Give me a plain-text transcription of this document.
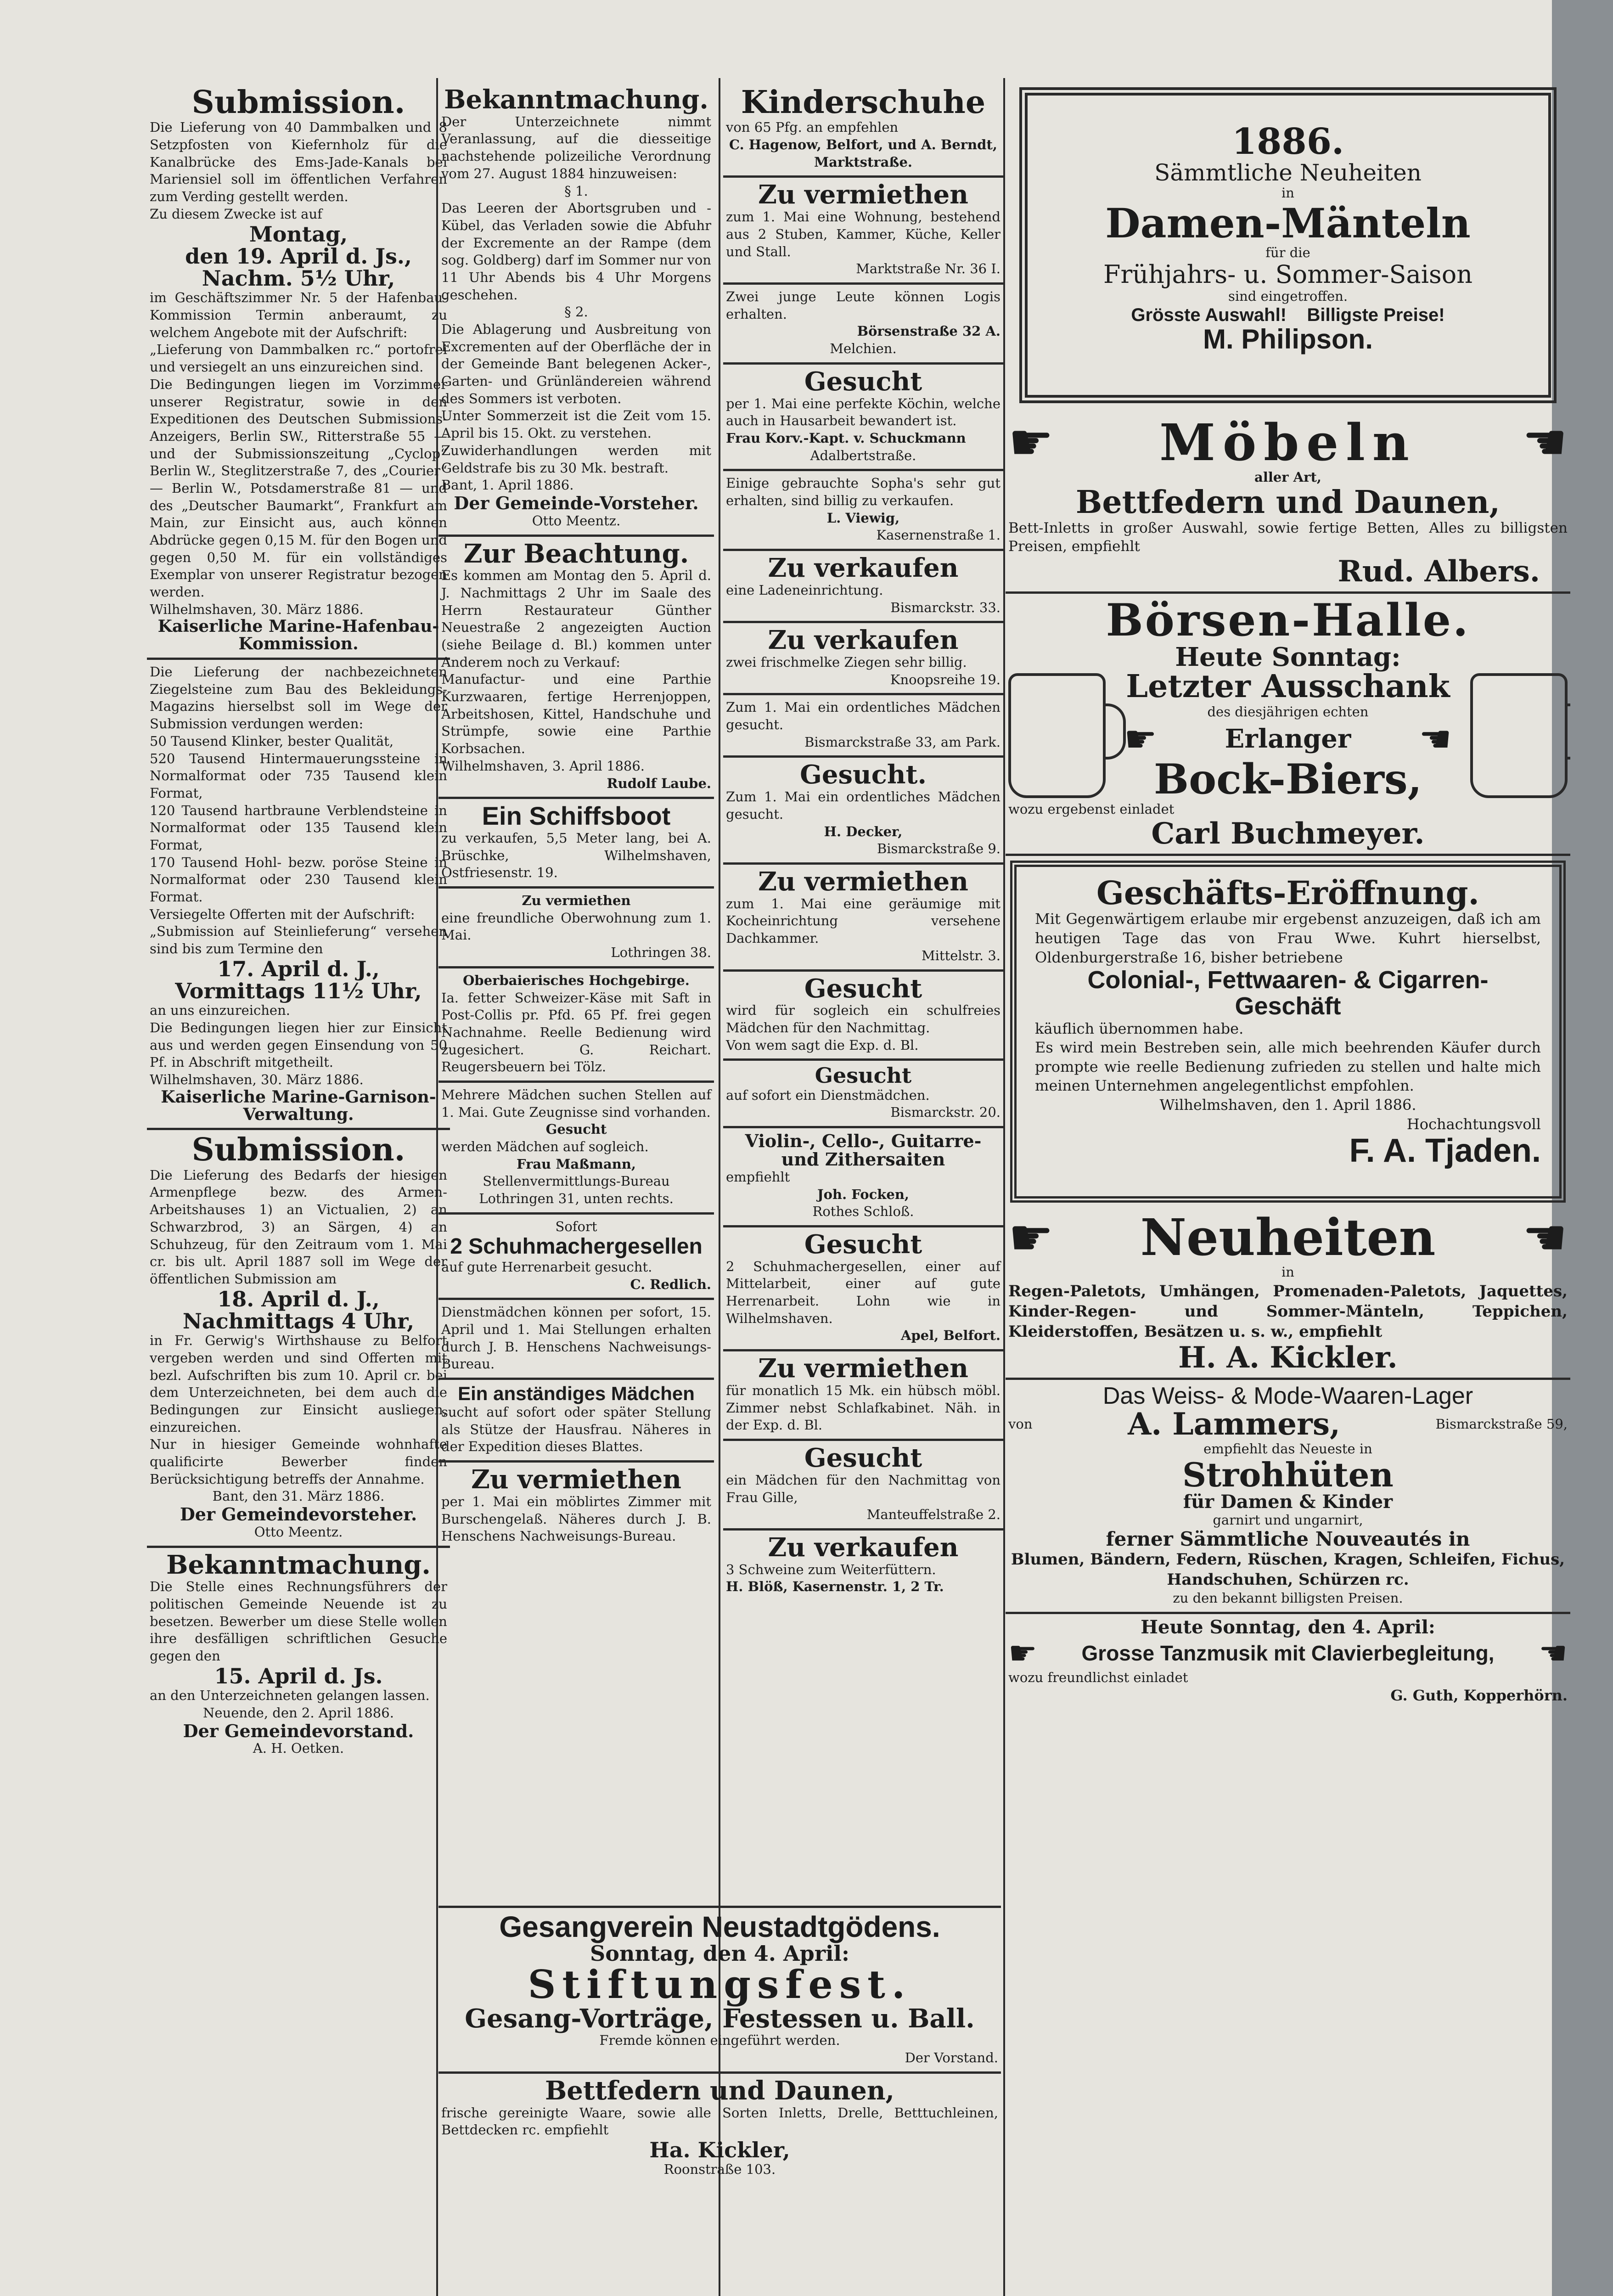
Submission.
Die Lieferung von 40 Dammbalken und 8 Setzpfosten von Kiefernholz für die Kanalbrücke des Ems-Jade-Kanals bei Mariensiel soll im öffentlichen Verfahren zum Verding gestellt werden.
Zu diesem Zwecke ist auf
Montag,
den 19. April d. Js.,
Nachm. 5½ Uhr,
im Geschäftszimmer Nr. 5 der Hafenbau-Kommission Termin anberaumt, zu welchem Angebote mit der Aufschrift:
„Lieferung von Dammbalken rc.“ portofrei und versiegelt an uns einzureichen sind.
Die Bedingungen liegen im Vorzimmer unserer Registratur, sowie in den Expeditionen des Deutschen Submissions-Anzeigers, Berlin SW., Ritterstraße 55 — und der Submissionszeitung „Cyclop“ Berlin W., Steglitzerstraße 7, des „Courier“ — Berlin W., Potsdamerstraße 81 — und des „Deutscher Baumarkt“, Frankfurt am Main, zur Einsicht aus, auch können Abdrücke gegen 0,15 M. für den Bogen und gegen 0,50 M. für ein vollständiges Exemplar von unserer Registratur bezogen werden.
Wilhelmshaven, 30. März 1886.
Kaiserliche Marine-Hafenbau-Kommission.
Die Lieferung der nachbezeichneten Ziegelsteine zum Bau des Bekleidungs-Magazins hierselbst soll im Wege der Submission verdungen werden:
50 Tausend Klinker, bester Qualität,
520 Tausend Hintermauerungssteine in Normalformat oder 735 Tausend klein Format,
120 Tausend hartbraune Verblendsteine in Normalformat oder 135 Tausend klein Format,
170 Tausend Hohl- bezw. poröse Steine in Normalformat oder 230 Tausend klein Format.
Versiegelte Offerten mit der Aufschrift:
„Submission auf Steinlieferung“ versehen sind bis zum Termine den
17. April d. J.,
Vormittags 11½ Uhr,
an uns einzureichen.
Die Bedingungen liegen hier zur Einsicht aus und werden gegen Einsendung von 50 Pf. in Abschrift mitgetheilt.
Wilhelmshaven, 30. März 1886.
Kaiserliche Marine-Garnison-Verwaltung.
Submission.
Die Lieferung des Bedarfs der hiesigen Armenpflege bezw. des Armen-Arbeitshauses 1) an Victualien, 2) an Schwarzbrod, 3) an Särgen, 4) an Schuhzeug, für den Zeitraum vom 1. Mai cr. bis ult. April 1887 soll im Wege der öffentlichen Submission am
18. April d. J.,
Nachmittags 4 Uhr,
in Fr. Gerwig's Wirthshause zu Belfort vergeben werden und sind Offerten mit bezl. Aufschriften bis zum 10. April cr. bei dem Unterzeichneten, bei dem auch die Bedingungen zur Einsicht ausliegen, einzureichen.
Nur in hiesiger Gemeinde wohnhafte qualificirte Bewerber finden Berücksichtigung betreffs der Annahme.
Bant, den 31. März 1886.
Der Gemeindevorsteher.
Otto Meentz.
Bekanntmachung.
Die Stelle eines Rechnungsführers der politischen Gemeinde Neuende ist zu besetzen. Bewerber um diese Stelle wollen ihre desfälligen schriftlichen Gesuche gegen den
15. April d. Js.
an den Unterzeichneten gelangen lassen.
Neuende, den 2. April 1886.
Der Gemeindevorstand.
A. H. Oetken.
Bekanntmachung.
Der Unterzeichnete nimmt Veranlassung, auf die diesseitige nachstehende polizeiliche Verordnung vom 27. August 1884 hinzuweisen:
§ 1.
Das Leeren der Abortsgruben und -Kübel, das Verladen sowie die Abfuhr der Excremente an der Rampe (dem sog. Goldberg) darf im Sommer nur von 11 Uhr Abends bis 4 Uhr Morgens geschehen.
§ 2.
Die Ablagerung und Ausbreitung von Excrementen auf der Oberfläche der in der Gemeinde Bant belegenen Acker-, Garten- und Grünländereien während des Sommers ist verboten.
Unter Sommerzeit ist die Zeit vom 15. April bis 15. Okt. zu verstehen.
Zuwiderhandlungen werden mit Geldstrafe bis zu 30 Mk. bestraft.
Bant, 1. April 1886.
Der Gemeinde-Vorsteher.
Otto Meentz.
Zur Beachtung.
Es kommen am Montag den 5. April d. J. Nachmittags 2 Uhr im Saale des Herrn Restaurateur Günther Neuestraße 2 angezeigten Auction (siehe Beilage d. Bl.) kommen unter Anderem noch zu Verkauf:
Manufactur- und eine Parthie Kurzwaaren, fertige Herrenjoppen, Arbeitshosen, Kittel, Handschuhe und Strümpfe, sowie eine Parthie Korbsachen.
Wilhelmshaven, 3. April 1886.
Rudolf Laube.
Ein Schiffsboot
zu verkaufen, 5,5 Meter lang, bei A. Brüschke, Wilhelmshaven, Ostfriesenstr. 19.
Zu vermiethen
eine freundliche Oberwohnung zum 1. Mai.
Lothringen 38.
Oberbaierisches Hochgebirge.
Ia. fetter Schweizer-Käse mit Saft in Post-Collis pr. Pfd. 65 Pf. frei gegen Nachnahme. Reelle Bedienung wird zugesichert. G. Reichart. Reugersbeuern bei Tölz.
Mehrere Mädchen suchen Stellen auf 1. Mai. Gute Zeugnisse sind vorhanden.
Gesucht
werden Mädchen auf sogleich.
Frau Maßmann,
Stellenvermittlungs-Bureau
Lothringen 31, unten rechts.
Sofort
2 Schuhmachergesellen
auf gute Herrenarbeit gesucht.
C. Redlich.
Dienstmädchen können per sofort, 15. April und 1. Mai Stellungen erhalten durch J. B. Henschens Nachweisungs-Bureau.
Ein anständiges Mädchen
sucht auf sofort oder später Stellung als Stütze der Hausfrau. Näheres in der Expedition dieses Blattes.
Zu vermiethen
per 1. Mai ein möblirtes Zimmer mit Burschengelaß. Näheres durch J. B. Henschens Nachweisungs-Bureau.
Kinderschuhe
von 65 Pfg. an empfehlen
C. Hagenow, Belfort, und A. Berndt, Marktstraße.
Zu vermiethen
zum 1. Mai eine Wohnung, bestehend aus 2 Stuben, Kammer, Küche, Keller und Stall.
Marktstraße Nr. 36 I.
Zwei junge Leute können Logis erhalten.
Börsenstraße 32 A.
Melchien.
Gesucht
per 1. Mai eine perfekte Köchin, welche auch in Hausarbeit bewandert ist.
Frau Korv.-Kapt. v. Schuckmann
Adalbertstraße.
Einige gebrauchte Sopha's sehr gut erhalten, sind billig zu verkaufen.
L. Viewig,
Kasernenstraße 1.
Zu verkaufen
eine Ladeneinrichtung.
Bismarckstr. 33.
Zu verkaufen
zwei frischmelke Ziegen sehr billig.
Knoopsreihe 19.
Zum 1. Mai ein ordentliches Mädchen gesucht.
Bismarckstraße 33, am Park.
Gesucht.
Zum 1. Mai ein ordentliches Mädchen gesucht.
H. Decker,
Bismarckstraße 9.
Zu vermiethen
zum 1. Mai eine geräumige mit Kocheinrichtung versehene Dachkammer.
Mittelstr. 3.
Gesucht
wird für sogleich ein schulfreies Mädchen für den Nachmittag.
Von wem sagt die Exp. d. Bl.
Gesucht
auf sofort ein Dienstmädchen.
Bismarckstr. 20.
Violin-, Cello-, Guitarre- und Zithersaiten
empfiehlt
Joh. Focken,
Rothes Schloß.
Gesucht
2 Schuhmachergesellen, einer auf Mittelarbeit, einer auf gute Herrenarbeit. Lohn wie in Wilhelmshaven.
Apel, Belfort.
Zu vermiethen
für monatlich 15 Mk. ein hübsch möbl. Zimmer nebst Schlafkabinet. Näh. in der Exp. d. Bl.
Gesucht
ein Mädchen für den Nachmittag von Frau Gille,
Manteuffelstraße 2.
Zu verkaufen
3 Schweine zum Weiterfüttern.
H. Blöß, Kasernenstr. 1, 2 Tr.
Gesangverein Neustadtgödens.
Sonntag, den 4. April:
Stiftungsfest.
Gesang-Vorträge, Festessen u. Ball.
Fremde können eingeführt werden.
Der Vorstand.
Bettfedern und Daunen,
frische gereinigte Waare, sowie alle Sorten Inletts, Drelle, Betttuchleinen, Bettdecken rc. empfiehlt
Ha. Kickler,
Roonstraße 103.
1886.
Sämmtliche Neuheiten
in
Damen-Mänteln
für die
Frühjahrs- u. Sommer-Saison
sind eingetroffen.
Grösste Auswahl!    Billigste Preise!
M. Philipson.
☛ Möbeln ☚
aller Art,
Bettfedern und Daunen,
Bett-Inletts in großer Auswahl, sowie fertige Betten, Alles zu billigsten Preisen, empfiehlt
Rud. Albers.
Börsen-Halle.
Heute Sonntag:
Letzter Ausschank
des diesjährigen echten
☛	Erlanger ☚
Bock-Biers,
wozu ergebenst einladet
Carl Buchmeyer.
Geschäfts-Eröffnung.
Mit Gegenwärtigem erlaube mir ergebenst anzuzeigen, daß ich am heutigen Tage das von Frau Wwe. Kuhrt hierselbst, Oldenburgerstraße 16, bisher betriebene
Colonial-, Fettwaaren- & Cigarren-
Geschäft
käuflich übernommen habe.
Es wird mein Bestreben sein, alle mich beehrenden Käufer durch prompte wie reelle Bedienung zufrieden zu stellen und halte mich meinen Unternehmen angelegentlichst empfohlen.
Wilhelmshaven, den 1. April 1886.
Hochachtungsvoll
F. A. Tjaden.
☛ Neuheiten ☚
in
Regen-Paletots, Umhängen, Promenaden-Paletots, Jaquettes, Kinder-Regen- und Sommer-Mänteln, Teppichen, Kleiderstoffen, Besätzen u. s. w., empfiehlt
H. A. Kickler.
Das Weiss- & Mode-Waaren-Lager
von	A. Lammers,	Bismarckstraße 59,
empfiehlt das Neueste in
Strohhüten
für Damen & Kinder
garnirt und ungarnirt,
ferner Sämmtliche Nouveautés in
Blumen, Bändern, Federn, Rüschen, Kragen, Schleifen, Fichus, Handschuhen, Schürzen rc.
zu den bekannt billigsten Preisen.
Heute Sonntag, den 4. April:
☛ Grosse Tanzmusik mit Clavierbegleitung, ☚
wozu freundlichst einladet
G. Guth, Kopperhörn.
